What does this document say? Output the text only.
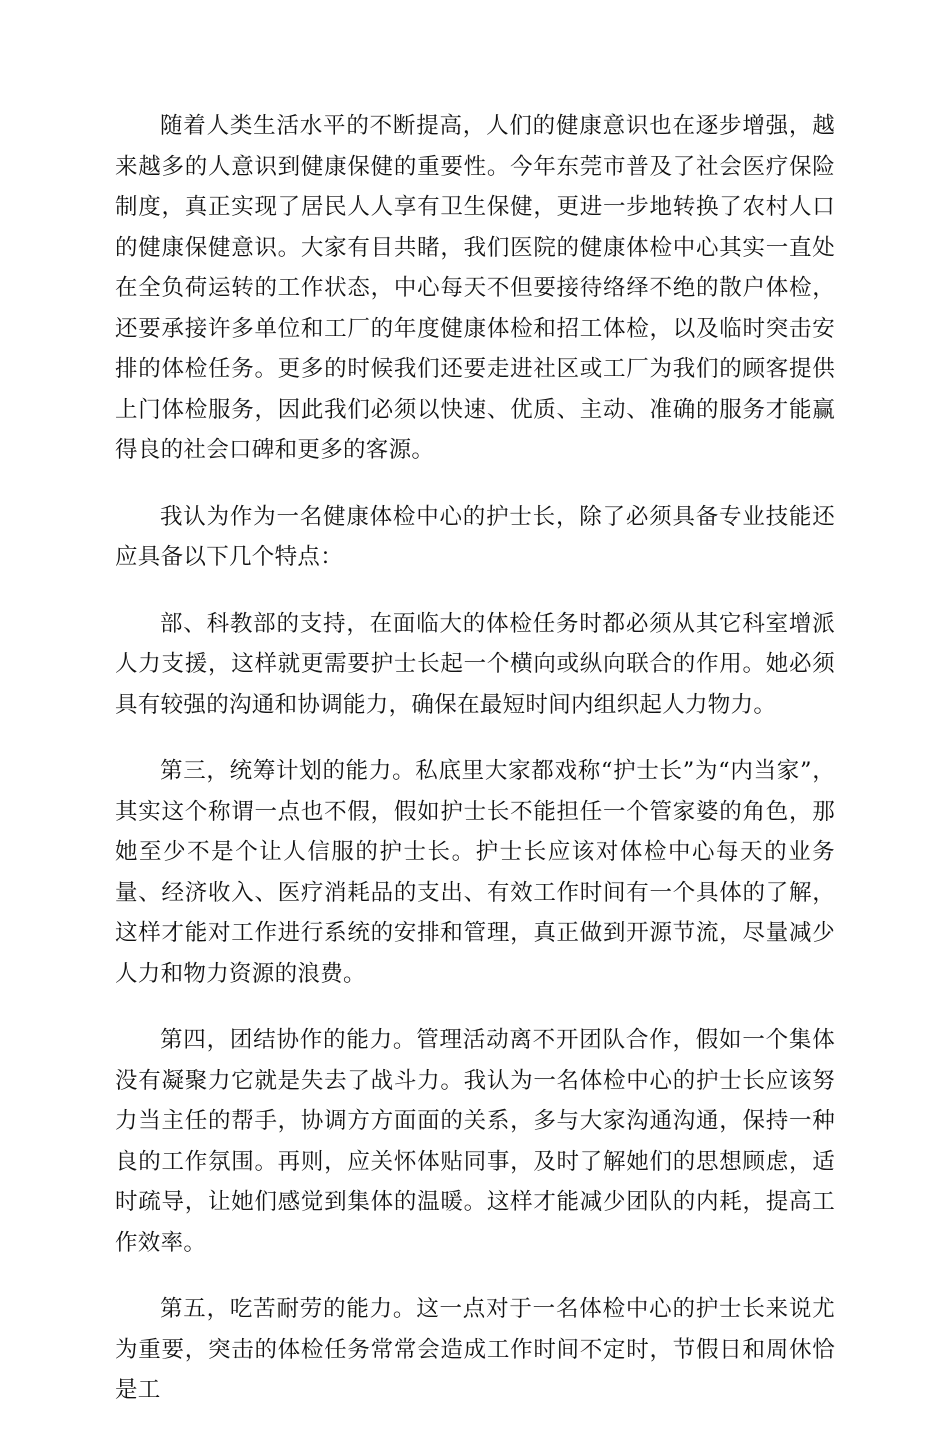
随着人类生活水平的不断提高，人们的健康意识也在逐步增强，越来越多的人意识到健康保健的重要性。今年东莞市普及了社会医疗保险制度，真正实现了居民人人享有卫生保健，更进一步地转换了农村人口的健康保健意识。大家有目共睹，我们医院的健康体检中心其实一直处在全负荷运转的工作状态，中心每天不但要接待络绎不绝的散户体检，还要承接许多单位和工厂的年度健康体检和招工体检，以及临时突击安排的体检任务。更多的时候我们还要走进社区或工厂为我们的顾客提供上门体检服务，因此我们必须以快速、优质、主动、准确的服务才能赢得良的社会口碑和更多的客源。

我认为作为一名健康体检中心的护士长，除了必须具备专业技能还应具备以下几个特点：

部、科教部的支持，在面临大的体检任务时都必须从其它科室增派人力支援，这样就更需要护士长起一个横向或纵向联合的作用。她必须具有较强的沟通和协调能力，确保在最短时间内组织起人力物力。

第三，统筹计划的能力。私底里大家都戏称“护士长”为“内当家”，其实这个称谓一点也不假，假如护士长不能担任一个管家婆的角色，那她至少不是个让人信服的护士长。护士长应该对体检中心每天的业务量、经济收入、医疗消耗品的支出、有效工作时间有一个具体的了解，这样才能对工作进行系统的安排和管理，真正做到开源节流，尽量减少人力和物力资源的浪费。

第四，团结协作的能力。管理活动离不开团队合作，假如一个集体没有凝聚力它就是失去了战斗力。我认为一名体检中心的护士长应该努力当主任的帮手，协调方方面面的关系，多与大家沟通沟通，保持一种良的工作氛围。再则，应关怀体贴同事，及时了解她们的思想顾虑，适时疏导，让她们感觉到集体的温暖。这样才能减少团队的内耗，提高工作效率。

第五，吃苦耐劳的能力。这一点对于一名体检中心的护士长来说尤为重要，突击的体检任务常常会造成工作时间不定时，节假日和周休恰是工
